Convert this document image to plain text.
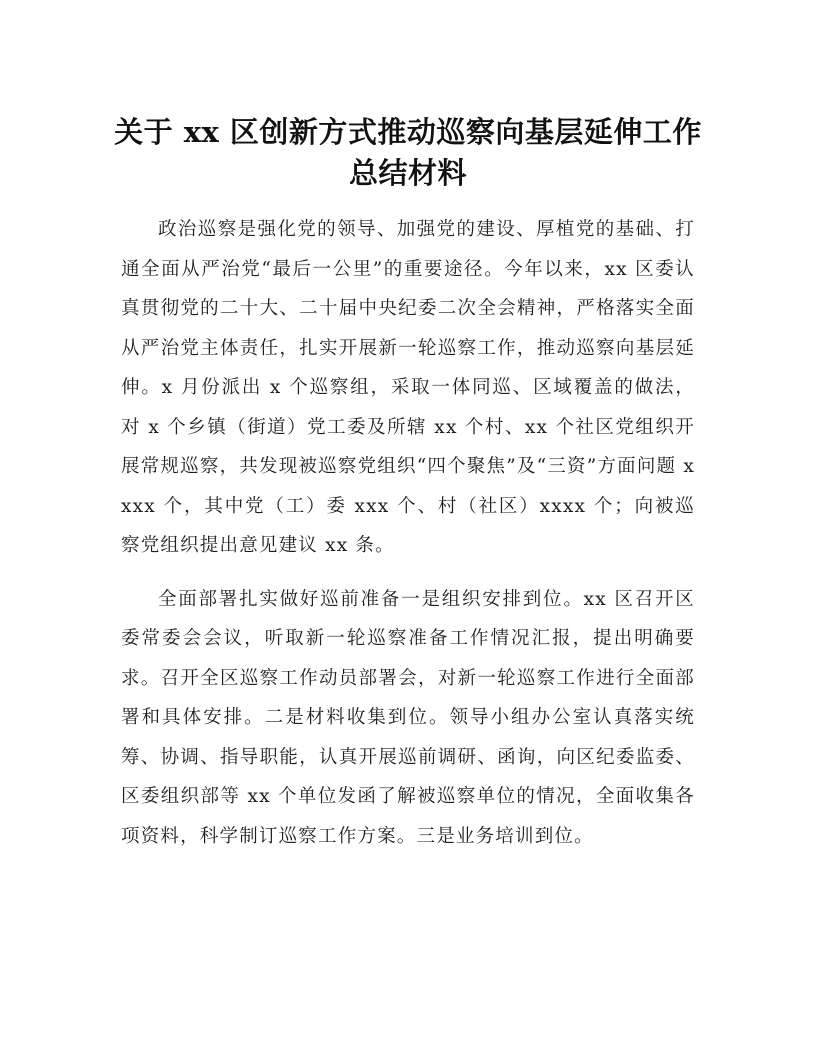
关于 xx 区创新方式推动巡察向基层延伸工作
总结材料

政治巡察是强化党的领导、加强党的建设、厚植党的基础、打通全面从严治党“最后一公里”的重要途径。今年以来，xx 区委认真贯彻党的二十大、二十届中央纪委二次全会精神，严格落实全面从严治党主体责任，扎实开展新一轮巡察工作，推动巡察向基层延伸。x 月份派出 x 个巡察组，采取一体同巡、区域覆盖的做法，对 x 个乡镇（街道）党工委及所辖 xx 个村、xx 个社区党组织开展常规巡察，共发现被巡察党组织“四个聚焦”及“三资”方面问题 xxxx 个，其中党（工）委 xxx 个、村（社区）xxxx 个；向被巡察党组织提出意见建议 xx 条。

全面部署扎实做好巡前准备一是组织安排到位。xx 区召开区委常委会会议，听取新一轮巡察准备工作情况汇报，提出明确要求。召开全区巡察工作动员部署会，对新一轮巡察工作进行全面部署和具体安排。二是材料收集到位。领导小组办公室认真落实统筹、协调、指导职能，认真开展巡前调研、函询，向区纪委监委、区委组织部等 xx 个单位发函了解被巡察单位的情况，全面收集各项资料，科学制订巡察工作方案。三是业务培训到位。
